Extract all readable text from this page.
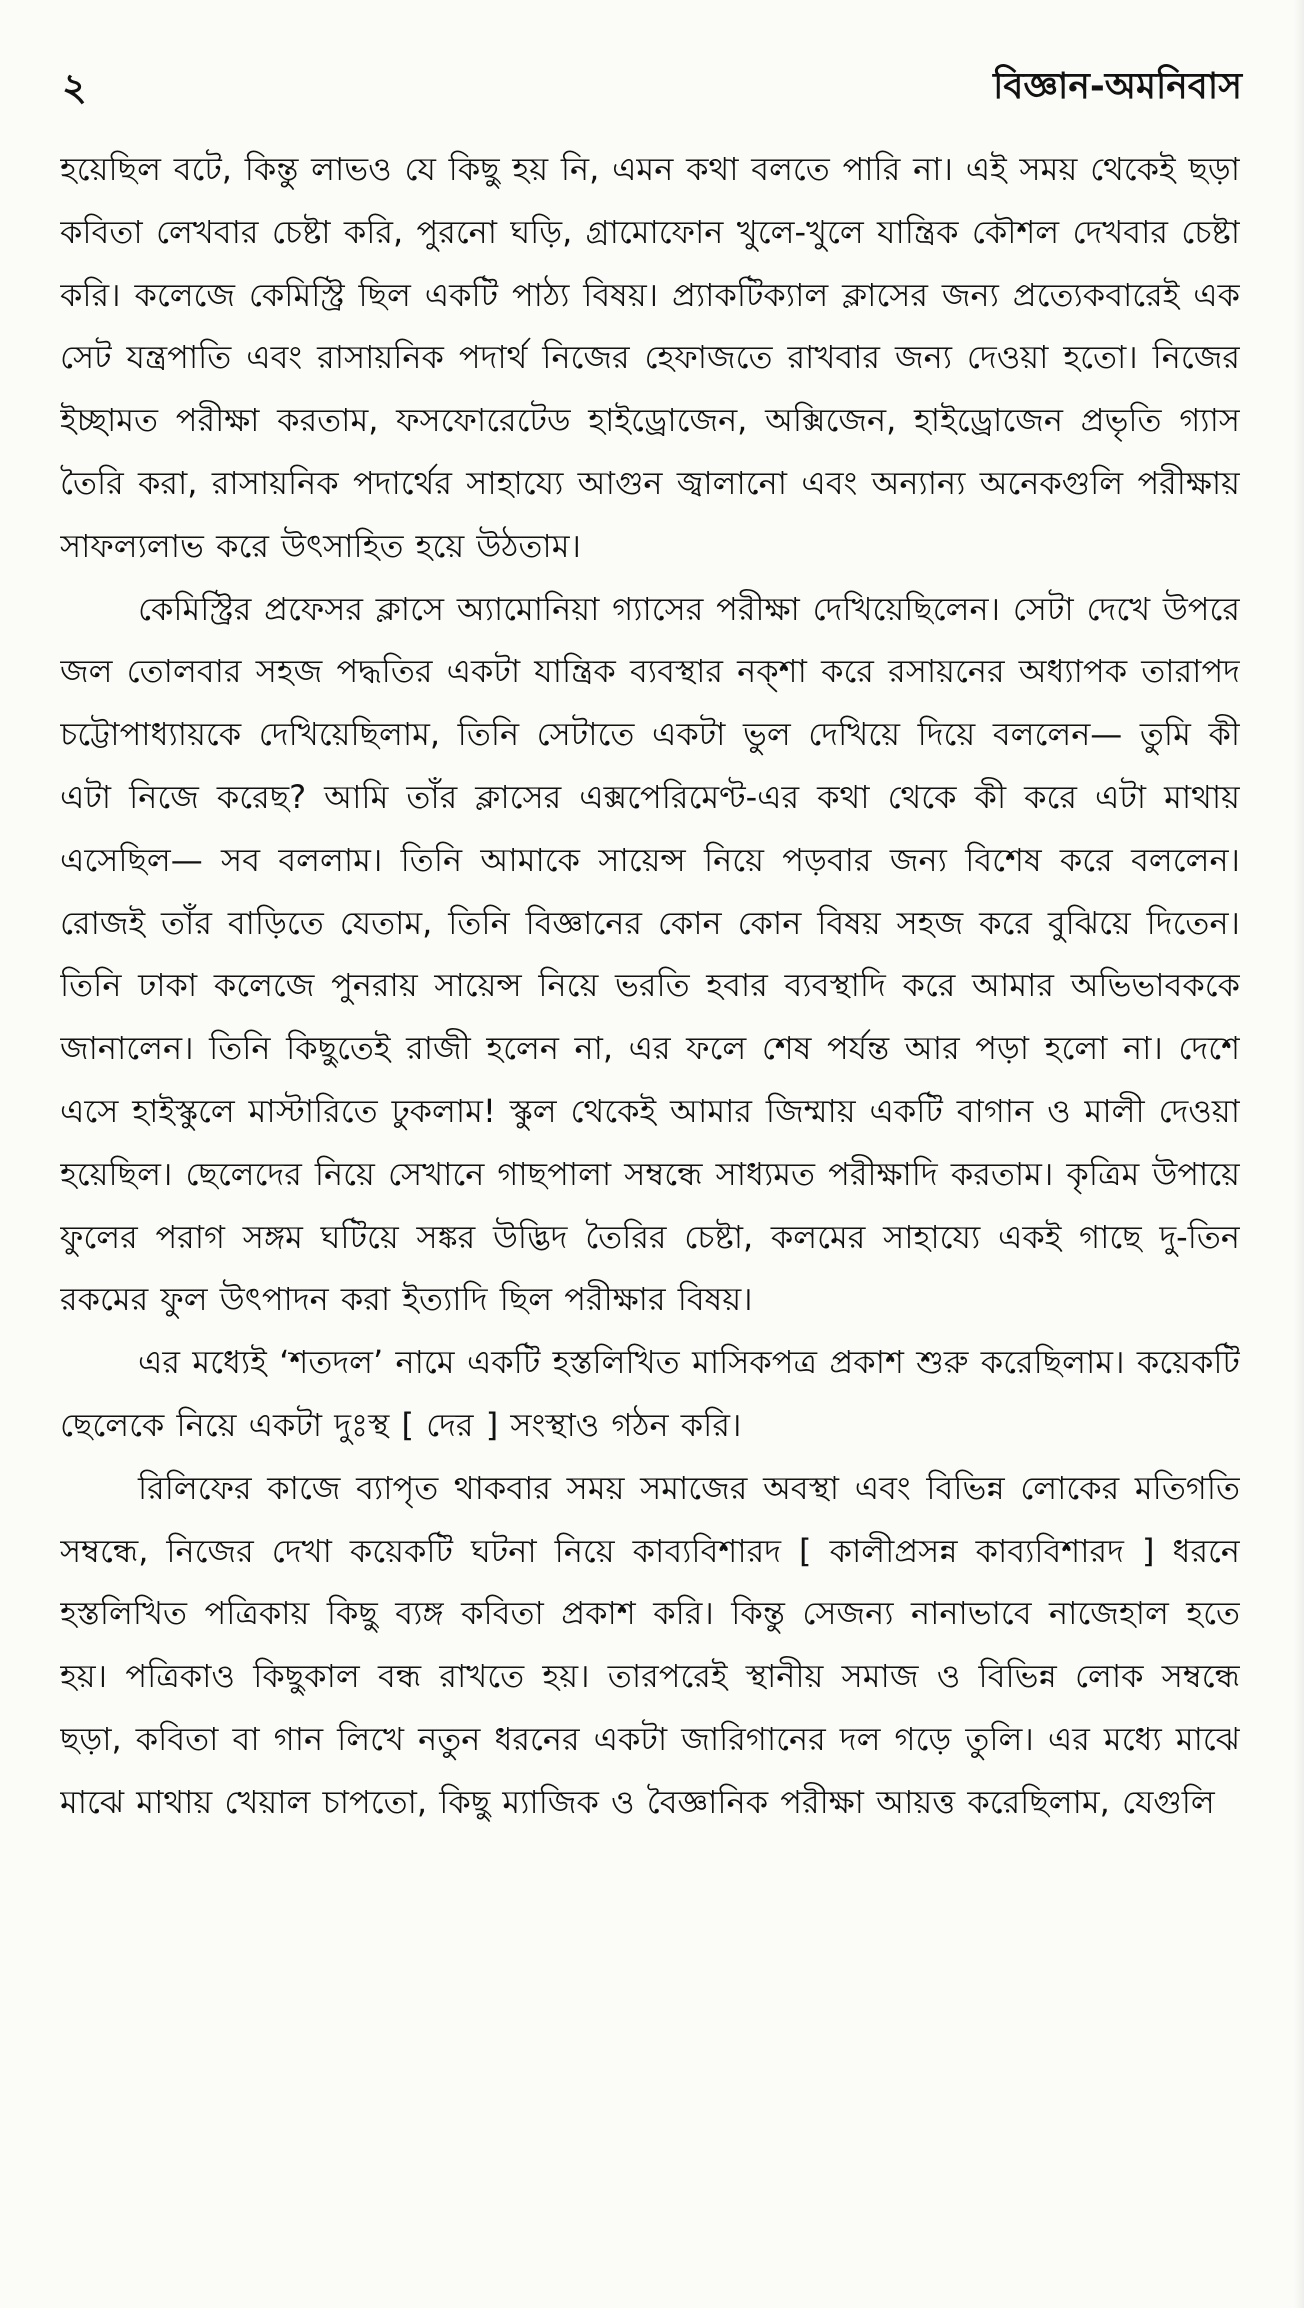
২	বিজ্ঞান-অমনিবাস

হয়েছিল বটে, কিন্তু লাভও যে কিছু হয় নি, এমন কথা বলতে পারি না। এই সময় থেকেই ছড়া কবিতা লেখবার চেষ্টা করি, পুরনো ঘড়ি, গ্রামোফোন খুলে-খুলে যান্ত্রিক কৌশল দেখবার চেষ্টা করি। কলেজে কেমিস্ট্রি ছিল একটি পাঠ্য বিষয়। প্র্যাকটিক্যাল ক্লাসের জন্য প্রত্যেকবারেই এক সেট যন্ত্রপাতি এবং রাসায়নিক পদার্থ নিজের হেফাজতে রাখবার জন্য দেওয়া হতো। নিজের ইচ্ছামত পরীক্ষা করতাম, ফসফোরেটেড হাইড্রোজেন, অক্সিজেন, হাইড্রোজেন প্রভৃতি গ্যাস তৈরি করা, রাসায়নিক পদার্থের সাহায্যে আগুন জ্বালানো এবং অন্যান্য অনেকগুলি পরীক্ষায় সাফল্যলাভ করে উৎসাহিত হয়ে উঠতাম।

কেমিস্ট্রির প্রফেসর ক্লাসে অ্যামোনিয়া গ্যাসের পরীক্ষা দেখিয়েছিলেন। সেটা দেখে উপরে জল তোলবার সহজ পদ্ধতির একটা যান্ত্রিক ব্যবস্থার নক্‌শা করে রসায়নের অধ্যাপক তারাপদ চট্টোপাধ্যায়কে দেখিয়েছিলাম, তিনি সেটাতে একটা ভুল দেখিয়ে দিয়ে বললেন— তুমি কী এটা নিজে করেছ? আমি তাঁর ক্লাসের এক্সপেরিমেণ্ট-এর কথা থেকে কী করে এটা মাথায় এসেছিল— সব বললাম। তিনি আমাকে সায়েন্স নিয়ে পড়বার জন্য বিশেষ করে বললেন। রোজই তাঁর বাড়িতে যেতাম, তিনি বিজ্ঞানের কোন কোন বিষয় সহজ করে বুঝিয়ে দিতেন। তিনি ঢাকা কলেজে পুনরায় সায়েন্স নিয়ে ভরতি হবার ব্যবস্থাদি করে আমার অভিভাবককে জানালেন। তিনি কিছুতেই রাজী হলেন না, এর ফলে শেষ পর্যন্ত আর পড়া হলো না। দেশে এসে হাইস্কুলে মাস্টারিতে ঢুকলাম! স্কুল থেকেই আমার জিম্মায় একটি বাগান ও মালী দেওয়া হয়েছিল। ছেলেদের নিয়ে সেখানে গাছপালা সম্বন্ধে সাধ্যমত পরীক্ষাদি করতাম। কৃত্রিম উপায়ে ফুলের পরাগ সঙ্গম ঘটিয়ে সঙ্কর উদ্ভিদ তৈরির চেষ্টা, কলমের সাহায্যে একই গাছে দু-তিন রকমের ফুল উৎপাদন করা ইত্যাদি ছিল পরীক্ষার বিষয়।

এর মধ্যেই ‘শতদল’ নামে একটি হস্তলিখিত মাসিকপত্র প্রকাশ শুরু করেছিলাম। কয়েকটি ছেলেকে নিয়ে একটা দুঃস্থ [ দের ] সংস্থাও গঠন করি।

রিলিফের কাজে ব্যাপৃত থাকবার সময় সমাজের অবস্থা এবং বিভিন্ন লোকের মতিগতি সম্বন্ধে, নিজের দেখা কয়েকটি ঘটনা নিয়ে কাব্যবিশারদ [ কালীপ্রসন্ন কাব্যবিশারদ ] ধরনে হস্তলিখিত পত্রিকায় কিছু ব্যঙ্গ কবিতা প্রকাশ করি। কিন্তু সেজন্য নানাভাবে নাজেহাল হতে হয়। পত্রিকাও কিছুকাল বন্ধ রাখতে হয়। তারপরেই স্থানীয় সমাজ ও বিভিন্ন লোক সম্বন্ধে ছড়া, কবিতা বা গান লিখে নতুন ধরনের একটা জারিগানের দল গড়ে তুলি। এর মধ্যে মাঝে মাঝে মাথায় খেয়াল চাপতো, কিছু ম্যাজিক ও বৈজ্ঞানিক পরীক্ষা আয়ত্ত করেছিলাম, যেগুলি
